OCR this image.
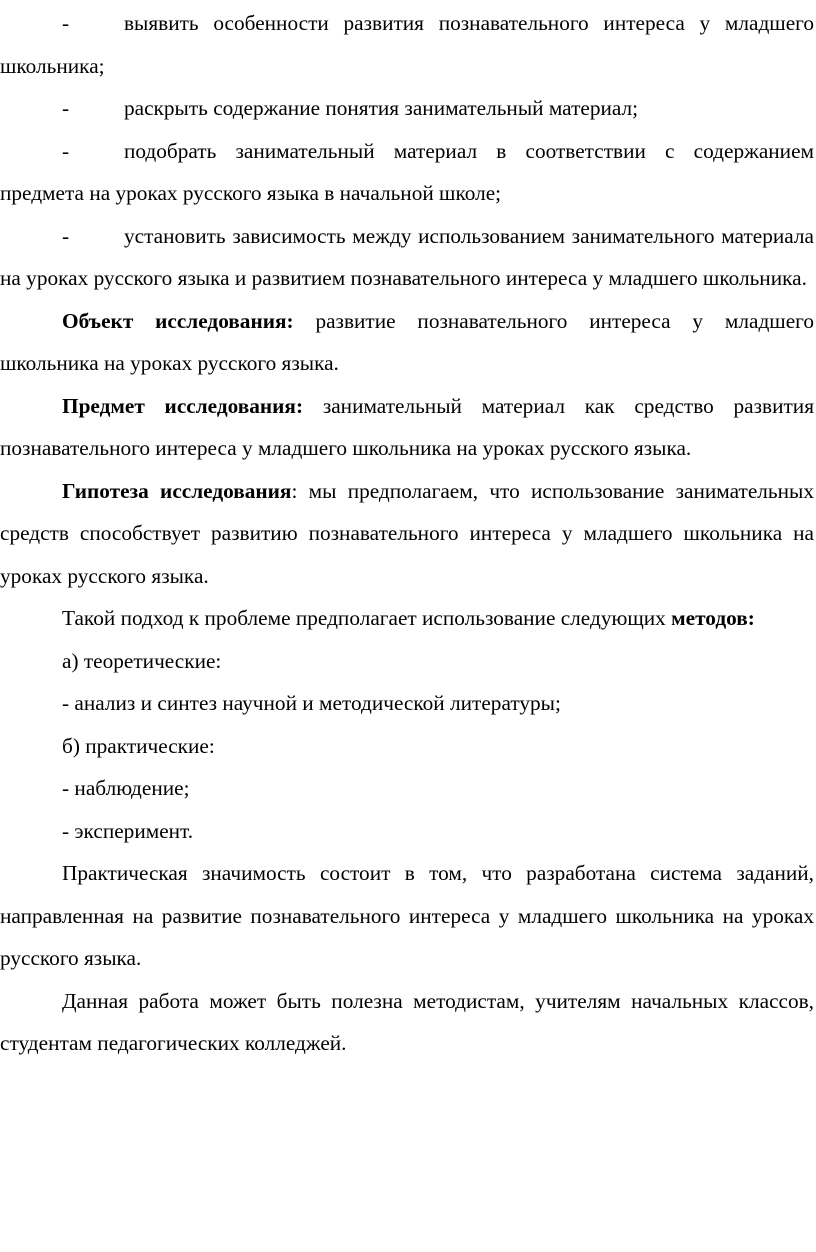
-	выявить особенности развития познавательного интереса у младшего школьника;

-	раскрыть содержание понятия занимательный материал;

-	подобрать занимательный материал в соответствии с содержанием предмета на уроках русского языка в начальной школе;

-	установить зависимость между использованием занимательного материала на уроках русского языка и развитием познавательного интереса у младшего школьника.

Объект исследования: развитие познавательного интереса у младшего школьника на уроках русского языка.

Предмет исследования: занимательный материал как средство развития познавательного интереса у младшего школьника на уроках русского языка.

Гипотеза исследования: мы предполагаем, что использование занимательных средств способствует развитию познавательного интереса у младшего школьника на уроках русского языка.

Такой подход к проблеме предполагает использование следующих методов:

а) теоретические:

- анализ и синтез научной и методической литературы;

б) практические:

- наблюдение;

- эксперимент.

Практическая значимость состоит в том, что разработана система заданий, направленная на развитие познавательного интереса у младшего школьника на уроках русского языка.

Данная работа может быть полезна методистам, учителям начальных классов, студентам педагогических колледжей.
